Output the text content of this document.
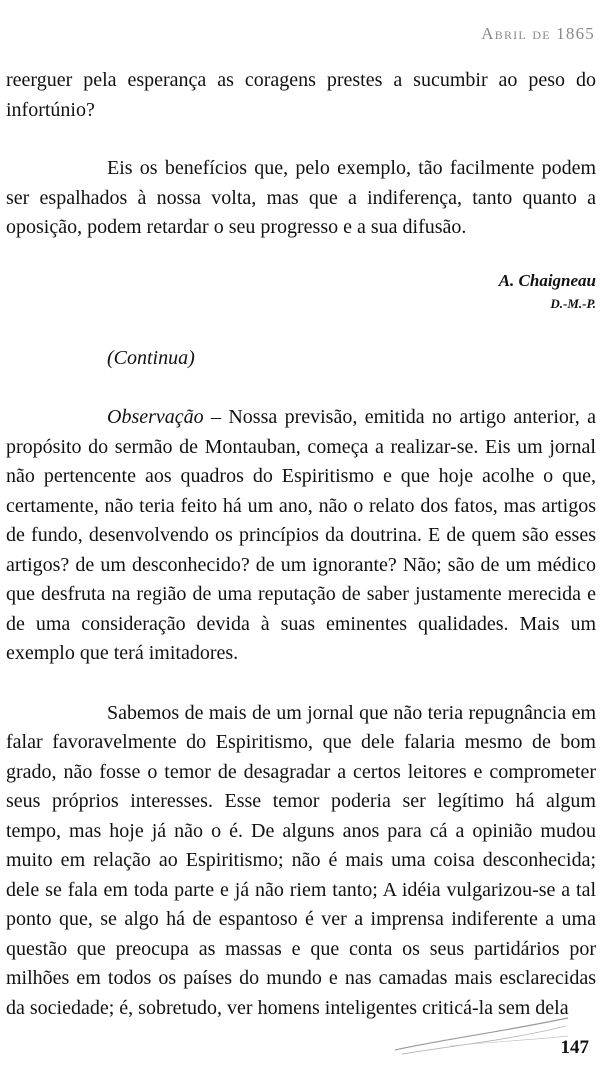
Abril de 1865

reerguer pela esperança as coragens prestes a sucumbir ao peso do infortúnio?

Eis os benefícios que, pelo exemplo, tão facilmente podem ser espalhados à nossa volta, mas que a indiferença, tanto quanto a oposição, podem retardar o seu progresso e a sua difusão.

A. Chaigneau

D.-M.-P.

(Continua)

Observação – Nossa previsão, emitida no artigo anterior, a propósito do sermão de Montauban, começa a realizar-se. Eis um jornal não pertencente aos quadros do Espiritismo e que hoje acolhe o que, certamente, não teria feito há um ano, não o relato dos fatos, mas artigos de fundo, desenvolvendo os princípios da doutrina. E de quem são esses artigos? de um desconhecido? de um ignorante? Não; são de um médico que desfruta na região de uma reputação de saber justamente merecida e de uma consideração devida à suas eminentes qualidades. Mais um exemplo que terá imitadores.

Sabemos de mais de um jornal que não teria repugnância em falar favoravelmente do Espiritismo, que dele falaria mesmo de bom grado, não fosse o temor de desagradar a certos leitores e comprometer seus próprios interesses. Esse temor poderia ser legítimo há algum tempo, mas hoje já não o é. De alguns anos para cá a opinião mudou muito em relação ao Espiritismo; não é mais uma coisa desconhecida; dele se fala em toda parte e já não riem tanto; A idéia vulgarizou-se a tal ponto que, se algo há de espantoso é ver a imprensa indiferente a uma questão que preocupa as massas e que conta os seus partidários por milhões em todos os países do mundo e nas camadas mais esclarecidas da sociedade; é, sobretudo, ver homens inteligentes criticá-la sem dela

147
